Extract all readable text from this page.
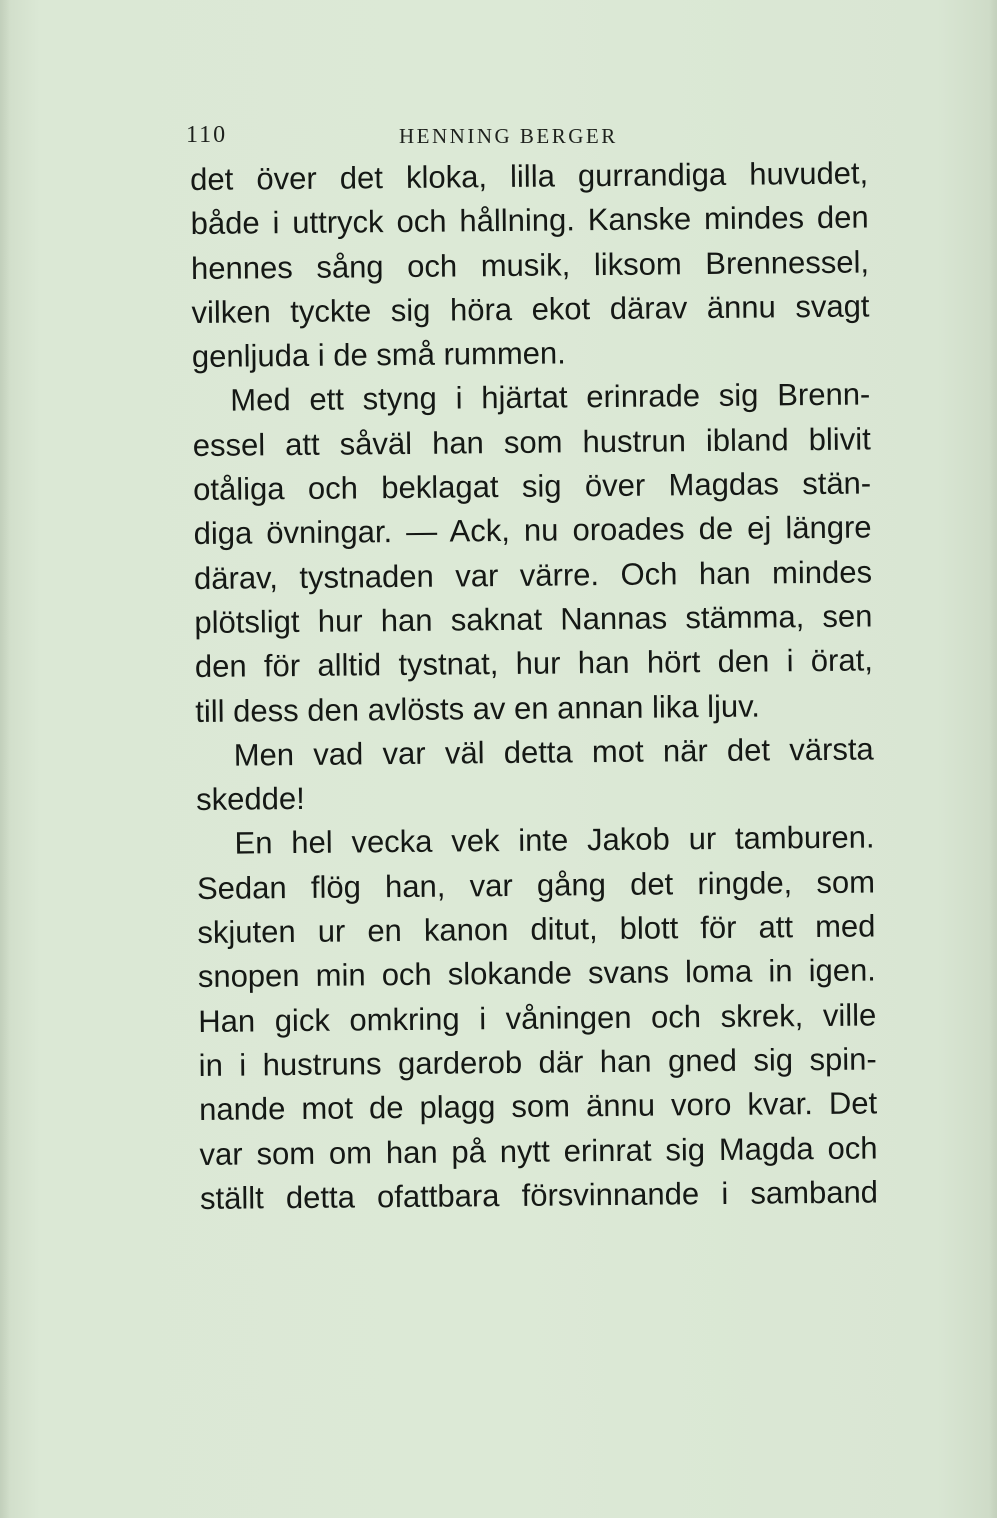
110	HENNING BERGER
det över det kloka, lilla gurrandiga huvudet,
både i uttryck och hållning. Kanske mindes den
hennes sång och musik, liksom Brennessel,
vilken tyckte sig höra ekot därav ännu svagt
genljuda i de små rummen.
Med ett styng i hjärtat erinrade sig Brenn-
essel att såväl han som hustrun ibland blivit
otåliga och beklagat sig över Magdas stän-
diga övningar. — Ack, nu oroades de ej längre
därav, tystnaden var värre. Och han mindes
plötsligt hur han saknat Nannas stämma, sen
den för alltid tystnat, hur han hört den i örat,
till dess den avlösts av en annan lika ljuv.
Men vad var väl detta mot när det värsta
skedde!
En hel vecka vek inte Jakob ur tamburen.
Sedan flög han, var gång det ringde, som
skjuten ur en kanon ditut, blott för att med
snopen min och slokande svans loma in igen.
Han gick omkring i våningen och skrek, ville
in i hustruns garderob där han gned sig spin-
nande mot de plagg som ännu voro kvar. Det
var som om han på nytt erinrat sig Magda och
ställt detta ofattbara försvinnande i samband
